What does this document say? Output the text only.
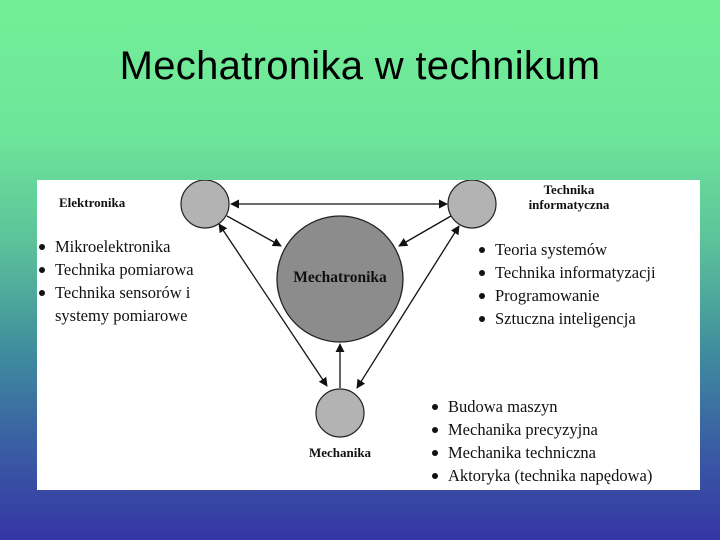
Mechatronika w technikum
Mechatronika
Elektronika
Technika
informatyczna
Mechanika
Mikroelektronika
Technika pomiarowa
Technika sensorów i
systemy pomiarowe
Teoria systemów
Technika informatyzacji
Programowanie
Sztuczna inteligencja
Budowa maszyn
Mechanika precyzyjna
Mechanika techniczna
Aktoryka (technika napędowa)
